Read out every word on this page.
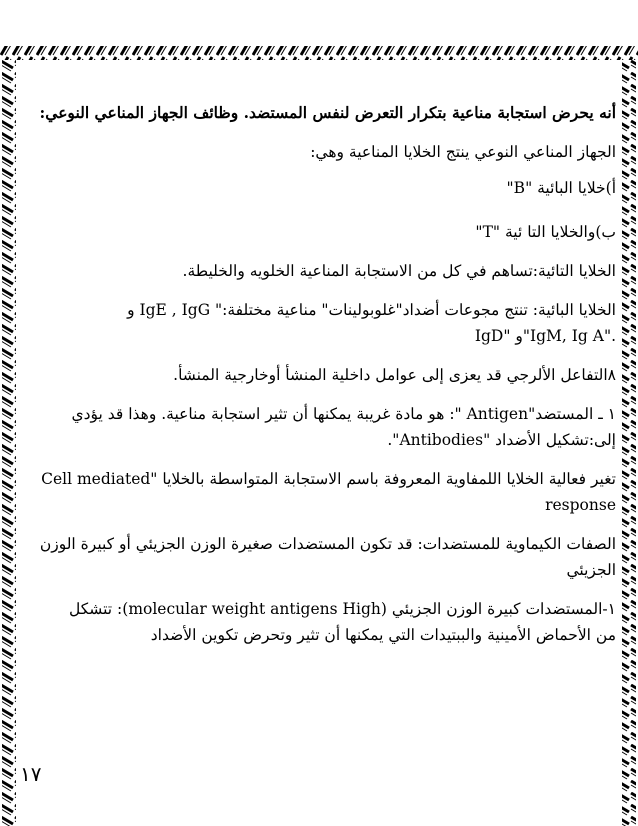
أنه يحرض استجابة مناعية بتكرار التعرض لنفس المستضد. وظائف الجهاز المناعي النوعي:
الجهاز المناعي النوعي ينتج الخلايا المناعية وهي:
أ)خلايا البائية "B"
ب)والخلايا التا ئية "T"
الخلايا التائية:تساهم في كل من الاستجابة المناعية الخلويه والخليطة.
الخلايا البائية: تنتج مجوعات أضداد"غلوبولينات" مناعية مختلفة:" IgE , IgG و
IgD" و"IgM, Ig A".
٨التفاعل الألرجي قد يعزى إلى عوامل داخلية المنشأ أوخارجية المنشأ.
١ ـ المستضد"Antigen ": هو مادة غريبة يمكنها أن تثير استجابة مناعية. وهذا قد يؤدي
إلى:تشكيل الأضداد "Antibodies".
تغير فعالية الخلايا اللمفاوية المعروفة باسم الاستجابة المتواسطة بالخلايا "Cell mediated
response
الصفات الكيماوية للمستضدات: قد تكون المستضدات صغيرة الوزن الجزيئي أو كبيرة الوزن
الجزيئي
١-المستضدات كبيرة الوزن الجزيئي (molecular weight antigens High): تتشكل
من الأحماض الأمينية والببتيدات التي يمكنها أن تثير وتحرض تكوين الأضداد
١٧
